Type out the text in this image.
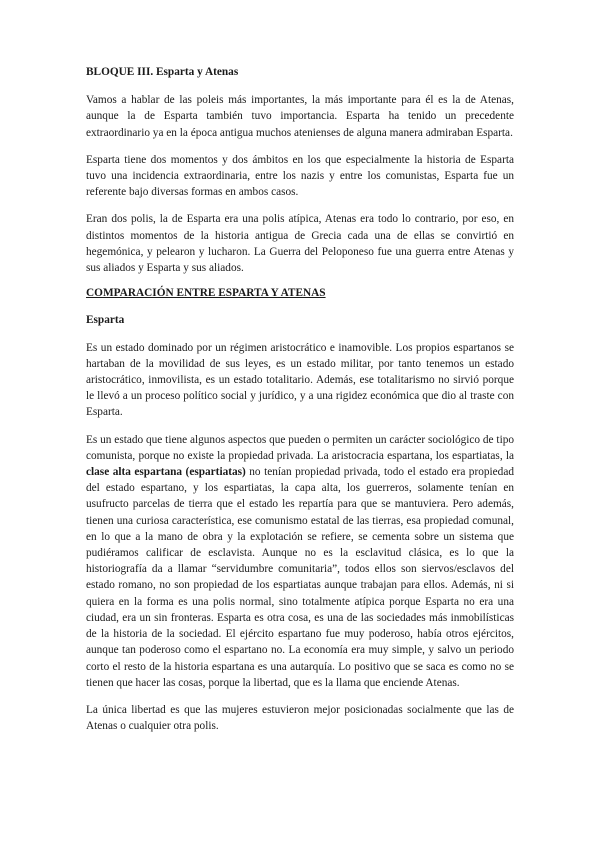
BLOQUE III. Esparta y Atenas

Vamos a hablar de las poleis más importantes, la más importante para él es la de Atenas, aunque la de Esparta también tuvo importancia. Esparta ha tenido un precedente extraordinario ya en la época antigua muchos atenienses de alguna manera admiraban Esparta.

Esparta tiene dos momentos y dos ámbitos en los que especialmente la historia de Esparta tuvo una incidencia extraordinaria, entre los nazis y entre los comunistas, Esparta fue un referente bajo diversas formas en ambos casos.

Eran dos polis, la de Esparta era una polis atípica, Atenas era todo lo contrario, por eso, en distintos momentos de la historia antigua de Grecia cada una de ellas se convirtió en hegemónica, y pelearon y lucharon. La Guerra del Peloponeso fue una guerra entre Atenas y sus aliados y Esparta y sus aliados.

COMPARACIÓN ENTRE ESPARTA Y ATENAS
Esparta

Es un estado dominado por un régimen aristocrático e inamovible. Los propios espartanos se hartaban de la movilidad de sus leyes, es un estado militar, por tanto tenemos un estado aristocrático, inmovilista, es un estado totalitario. Además, ese totalitarismo no sirvió porque le llevó a un proceso político social y jurídico, y a una rigidez económica que dio al traste con Esparta.

Es un estado que tiene algunos aspectos que pueden o permiten un carácter sociológico de tipo comunista, porque no existe la propiedad privada. La aristocracia espartana, los espartiatas, la clase alta espartana (espartiatas) no tenían propiedad privada, todo el estado era propiedad del estado espartano, y los espartiatas, la capa alta, los guerreros, solamente tenían en usufructo parcelas de tierra que el estado les repartía para que se mantuviera. Pero además, tienen una curiosa característica, ese comunismo estatal de las tierras, esa propiedad comunal, en lo que a la mano de obra y la explotación se refiere, se cementa sobre un sistema que pudiéramos calificar de esclavista. Aunque no es la esclavitud clásica, es lo que la historiografía da a llamar “servidumbre comunitaria”, todos ellos son siervos/esclavos del estado romano, no son propiedad de los espartiatas aunque trabajan para ellos. Además, ni si quiera en la forma es una polis normal, sino totalmente atípica porque Esparta no era una ciudad, era un sin fronteras. Esparta es otra cosa, es una de las sociedades más inmobilísticas de la historia de la sociedad. El ejército espartano fue muy poderoso, había otros ejércitos, aunque tan poderoso como el espartano no. La economía era muy simple, y salvo un periodo corto el resto de la historia espartana es una autarquía. Lo positivo que se saca es como no se tienen que hacer las cosas, porque la libertad, que es la llama que enciende Atenas.

La única libertad es que las mujeres estuvieron mejor posicionadas socialmente que las de Atenas o cualquier otra polis.
